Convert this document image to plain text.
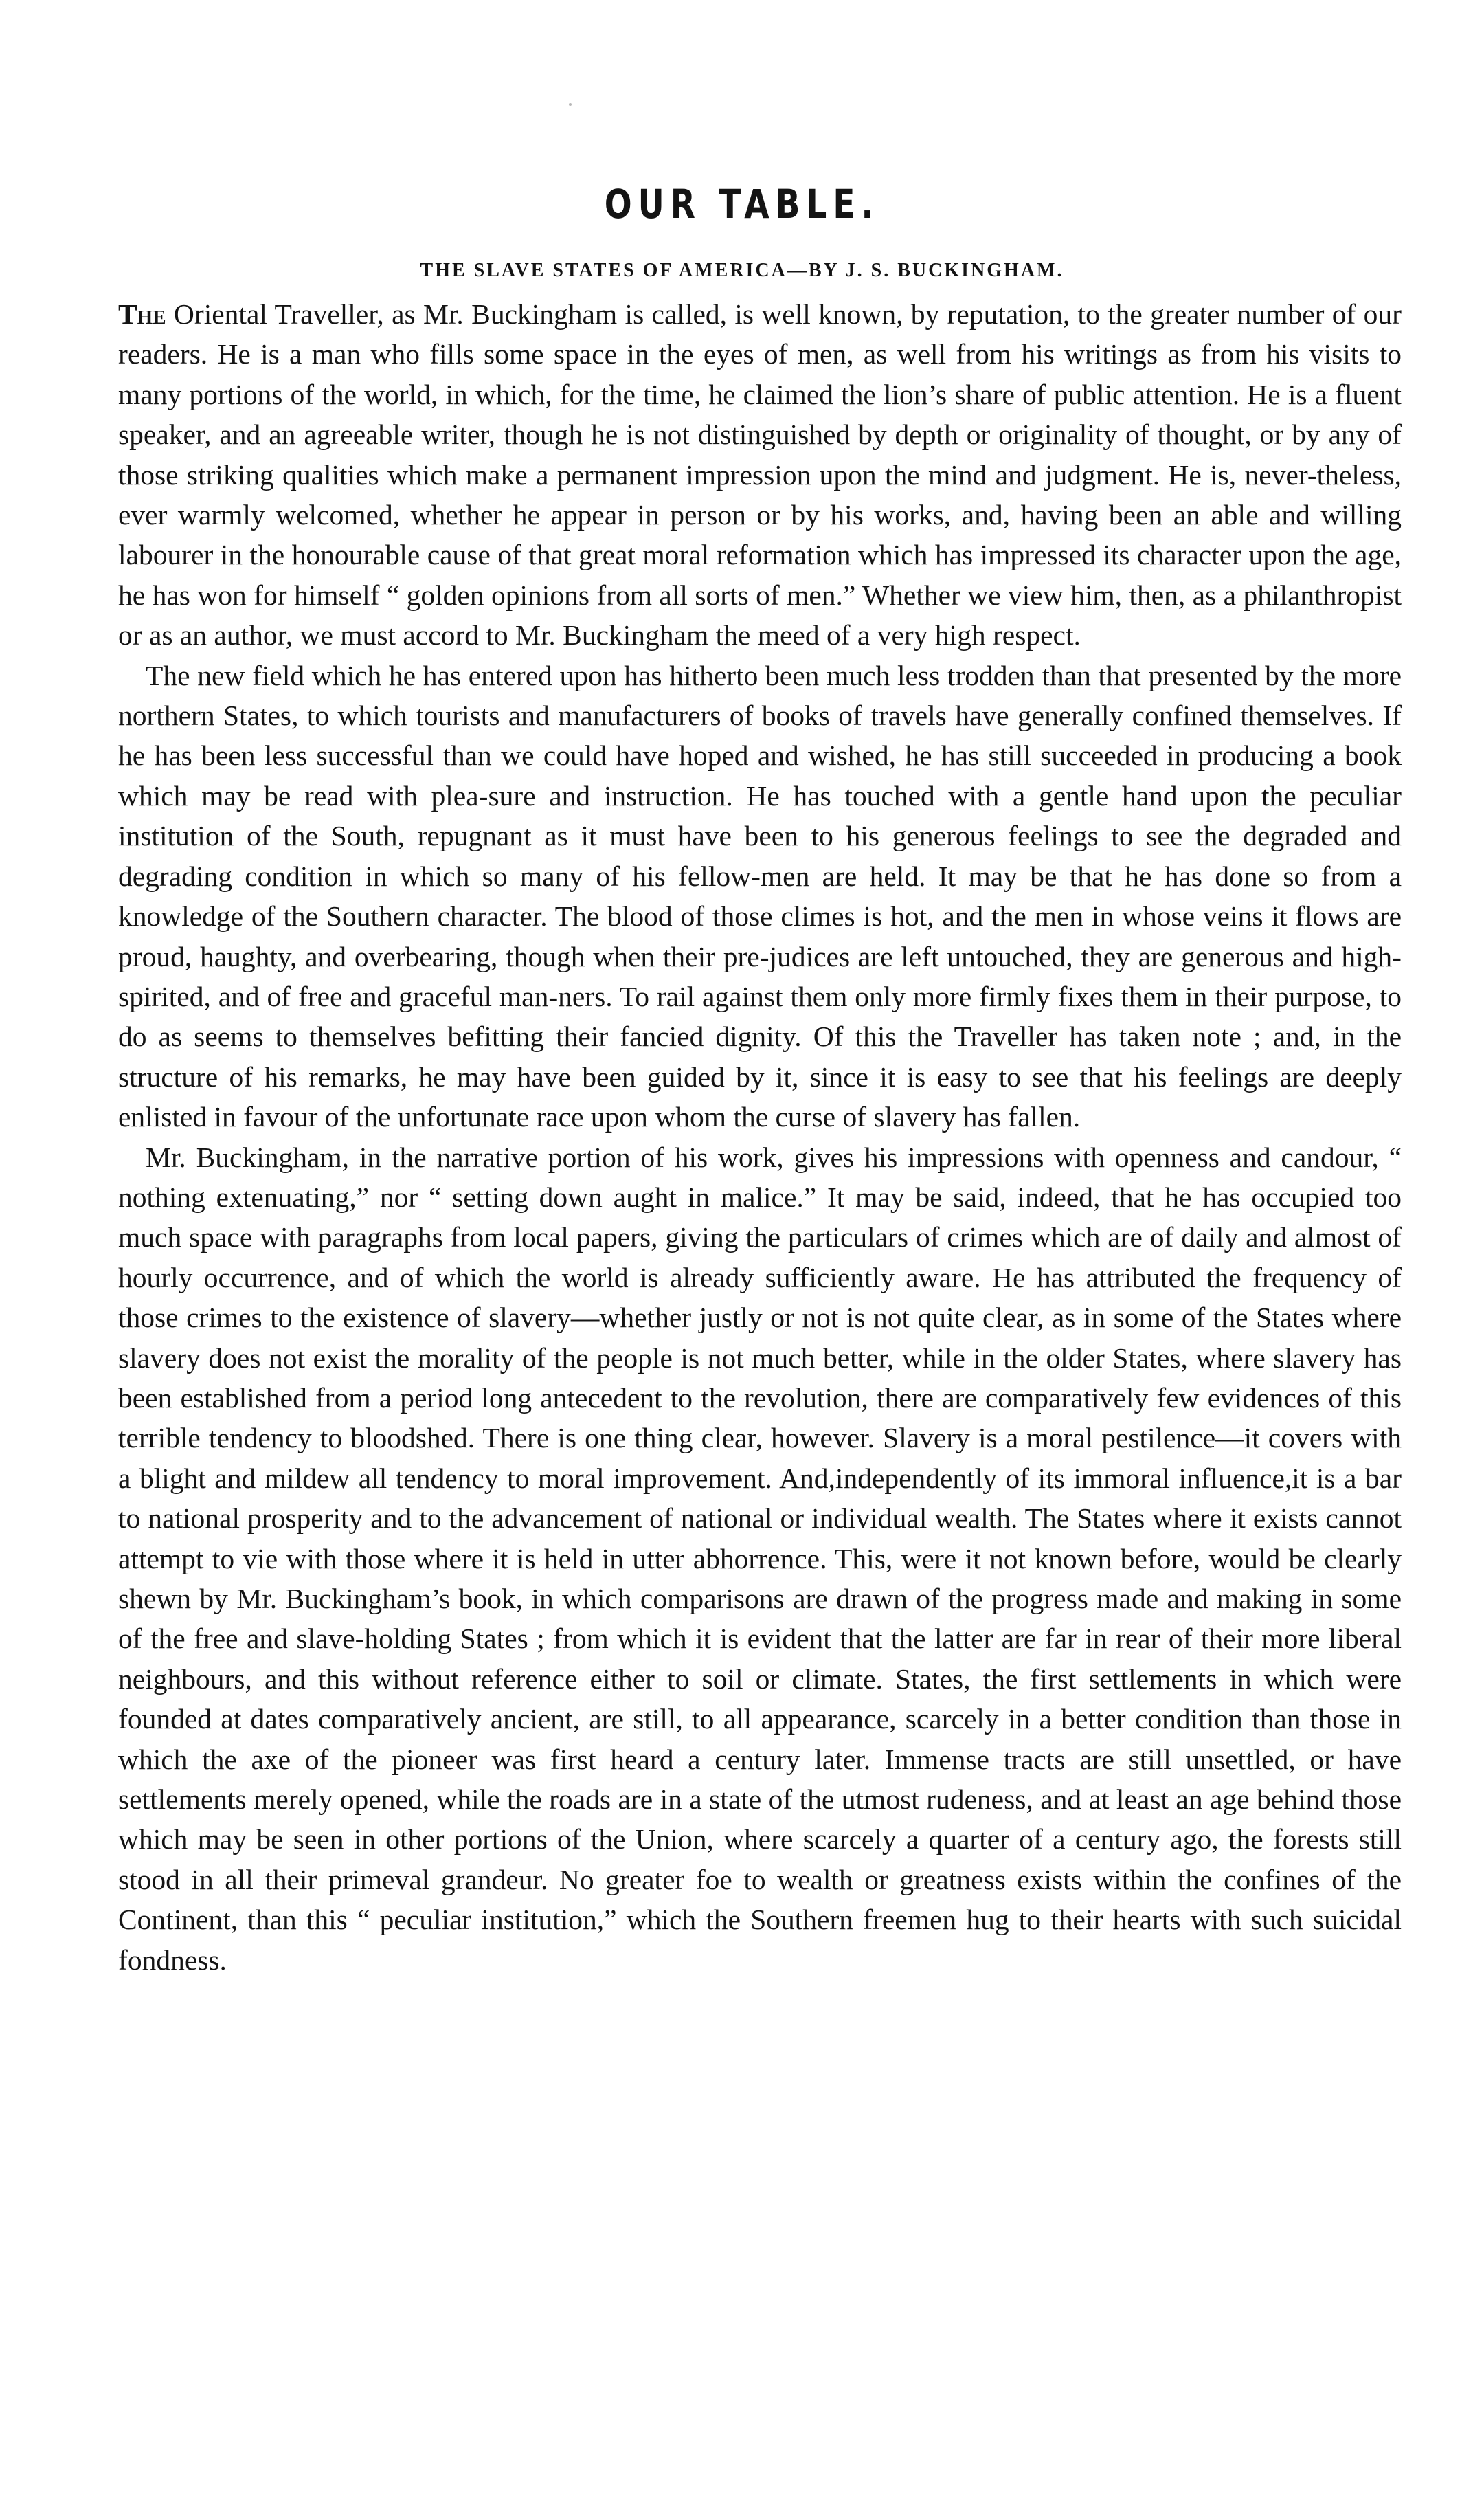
OUR TABLE.
THE SLAVE STATES OF AMERICA—BY J. S. BUCKINGHAM.

The Oriental Traveller, as Mr. Buckingham is called, is well known, by reputation, to the greater number of our readers. He is a man who fills some space in the eyes of men, as well from his writings as from his visits to many portions of the world, in which, for the time, he claimed the lion’s share of public attention. He is a fluent speaker, and an agreeable writer, though he is not distinguished by depth or originality of thought, or by any of those striking qualities which make a permanent impression upon the mind and judgment. He is, never-theless, ever warmly welcomed, whether he appear in person or by his works, and, having been an able and willing labourer in the honourable cause of that great moral reformation which has impressed its character upon the age, he has won for himself “ golden opinions from all sorts of men.” Whether we view him, then, as a philanthropist or as an author, we must accord to Mr. Buckingham the meed of a very high respect.

The new field which he has entered upon has hitherto been much less trodden than that presented by the more northern States, to which tourists and manufacturers of books of travels have generally confined themselves. If he has been less successful than we could have hoped and wished, he has still succeeded in producing a book which may be read with plea-sure and instruction. He has touched with a gentle hand upon the peculiar institution of the South, repugnant as it must have been to his generous feelings to see the degraded and degrading condition in which so many of his fellow-men are held. It may be that he has done so from a knowledge of the Southern character. The blood of those climes is hot, and the men in whose veins it flows are proud, haughty, and overbearing, though when their pre-judices are left untouched, they are generous and high-spirited, and of free and graceful man-ners. To rail against them only more firmly fixes them in their purpose, to do as seems to themselves befitting their fancied dignity. Of this the Traveller has taken note ; and, in the structure of his remarks, he may have been guided by it, since it is easy to see that his feelings are deeply enlisted in favour of the unfortunate race upon whom the curse of slavery has fallen.

Mr. Buckingham, in the narrative portion of his work, gives his impressions with openness and candour, “ nothing extenuating,” nor “ setting down aught in malice.” It may be said, indeed, that he has occupied too much space with paragraphs from local papers, giving the particulars of crimes which are of daily and almost of hourly occurrence, and of which the world is already sufficiently aware. He has attributed the frequency of those crimes to the existence of slavery—whether justly or not is not quite clear, as in some of the States where slavery does not exist the morality of the people is not much better, while in the older States, where slavery has been established from a period long antecedent to the revolution, there are comparatively few evidences of this terrible tendency to bloodshed. There is one thing clear, however. Slavery is a moral pestilence—it covers with a blight and mildew all tendency to moral improvement. And,independently of its immoral influence,it is a bar to national prosperity and to the advancement of national or individual wealth. The States where it exists cannot attempt to vie with those where it is held in utter abhorrence. This, were it not known before, would be clearly shewn by Mr. Buckingham’s book, in which comparisons are drawn of the progress made and making in some of the free and slave-holding States ; from which it is evident that the latter are far in rear of their more liberal neighbours, and this without reference either to soil or climate. States, the first settlements in which were founded at dates comparatively ancient, are still, to all appearance, scarcely in a better condition than those in which the axe of the pioneer was first heard a century later. Immense tracts are still unsettled, or have settlements merely opened, while the roads are in a state of the utmost rudeness, and at least an age behind those which may be seen in other portions of the Union, where scarcely a quarter of a century ago, the forests still stood in all their primeval grandeur. No greater foe to wealth or greatness exists within the confines of the Continent, than this “ peculiar institution,” which the Southern freemen hug to their hearts with such suicidal fondness.
